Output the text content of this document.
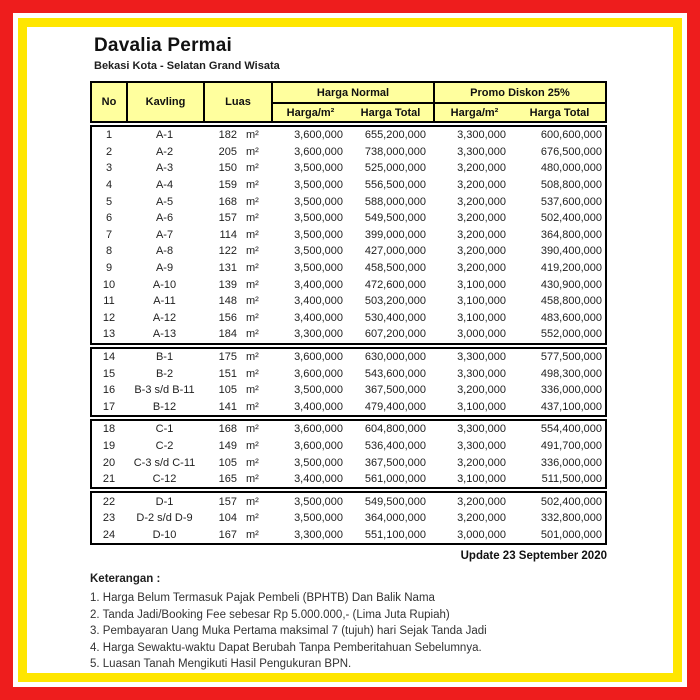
Davalia Permai
Bekasi Kota - Selatan Grand Wisata
No	Kavling	Luas
Harga Normal	Promo Diskon 25%
Harga/m²	Harga Total	Harga/m²	Harga Total
1	A-1	182 m²	3,600,000	655,200,000	3,300,000	600,600,000
2	A-2	205 m²	3,600,000	738,000,000	3,300,000	676,500,000
3	A-3	150 m²	3,500,000	525,000,000	3,200,000	480,000,000
4	A-4	159 m²	3,500,000	556,500,000	3,200,000	508,800,000
5	A-5	168 m²	3,500,000	588,000,000	3,200,000	537,600,000
6	A-6	157 m²	3,500,000	549,500,000	3,200,000	502,400,000
7	A-7	114 m²	3,500,000	399,000,000	3,200,000	364,800,000
8	A-8	122 m²	3,500,000	427,000,000	3,200,000	390,400,000
9	A-9	131 m²	3,500,000	458,500,000	3,200,000	419,200,000
10	A-10	139 m²	3,400,000	472,600,000	3,100,000	430,900,000
11	A-11	148 m²	3,400,000	503,200,000	3,100,000	458,800,000
12	A-12	156 m²	3,400,000	530,400,000	3,100,000	483,600,000
13	A-13	184 m²	3,300,000	607,200,000	3,000,000	552,000,000
14	B-1	175 m²	3,600,000	630,000,000	3,300,000	577,500,000
15	B-2	151 m²	3,600,000	543,600,000	3,300,000	498,300,000
16	B-3 s/d B-11	105 m²	3,500,000	367,500,000	3,200,000	336,000,000
17	B-12	141 m²	3,400,000	479,400,000	3,100,000	437,100,000
18	C-1	168 m²	3,600,000	604,800,000	3,300,000	554,400,000
19	C-2	149 m²	3,600,000	536,400,000	3,300,000	491,700,000
20	C-3 s/d C-11	105 m²	3,500,000	367,500,000	3,200,000	336,000,000
21	C-12	165 m²	3,400,000	561,000,000	3,100,000	511,500,000
22	D-1	157 m²	3,500,000	549,500,000	3,200,000	502,400,000
23	D-2 s/d D-9	104 m²	3,500,000	364,000,000	3,200,000	332,800,000
24	D-10	167 m²	3,300,000	551,100,000	3,000,000	501,000,000
Update 23 September 2020
Keterangan :
1. Harga Belum Termasuk Pajak Pembeli (BPHTB) Dan Balik Nama
2. Tanda Jadi/Booking Fee sebesar Rp 5.000.000,- (Lima Juta Rupiah)
3. Pembayaran Uang Muka Pertama maksimal 7 (tujuh) hari Sejak Tanda Jadi
4. Harga Sewaktu-waktu Dapat Berubah Tanpa Pemberitahuan Sebelumnya.
5. Luasan Tanah Mengikuti Hasil Pengukuran BPN.
